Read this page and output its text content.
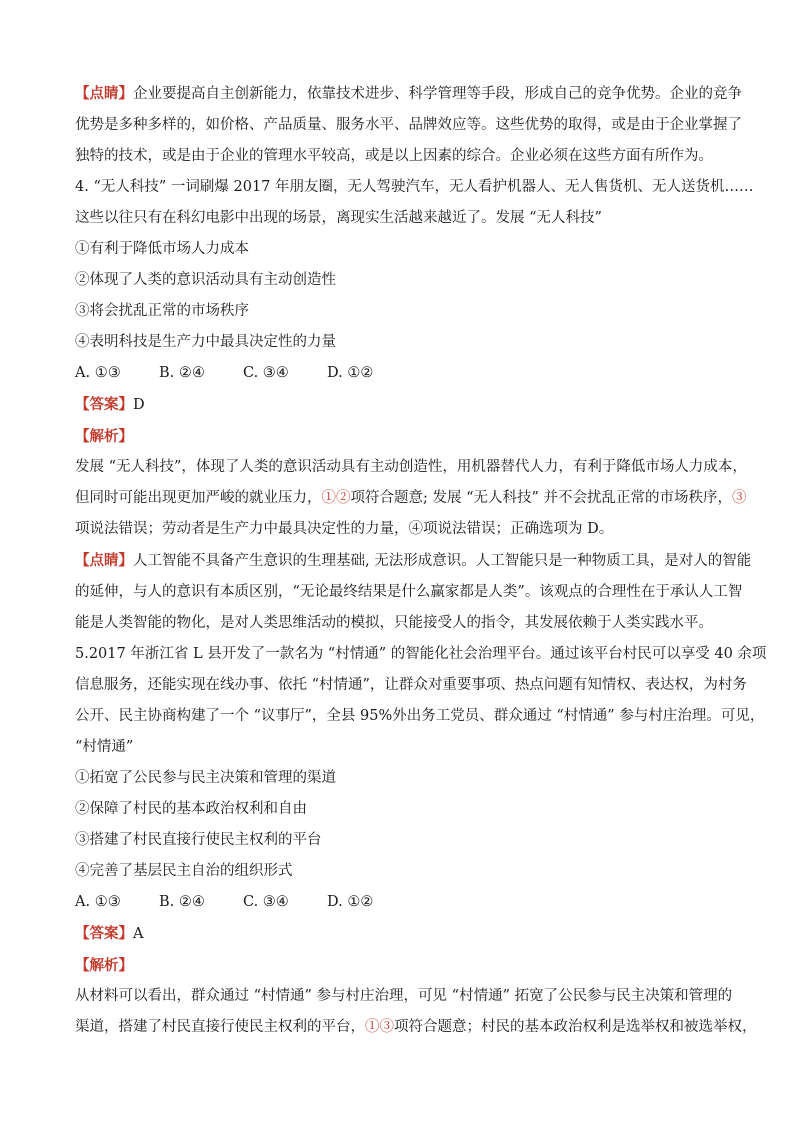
【点睛】企业要提高自主创新能力，依靠技术进步、科学管理等手段，形成自己的竞争优势。企业的竞争

优势是多种多样的，如价格、产品质量、服务水平、品牌效应等。这些优势的取得，或是由于企业掌握了

独特的技术，或是由于企业的管理水平较高，或是以上因素的综合。企业必须在这些方面有所作为。

4. “无人科技” 一词刷爆 2017 年朋友圈，无人驾驶汽车，无人看护机器人、无人售货机、无人送货机……

这些以往只有在科幻电影中出现的场景，离现实生活越来越近了。发展 “无人科技”

①有利于降低市场人力成本

②体现了人类的意识活动具有主动创造性

③将会扰乱正常的市场秩序

④表明科技是生产力中最具决定性的力量

A. ①③	B. ②④	C. ③④	D. ①②

【答案】D

【解析】

发展 “无人科技”，体现了人类的意识活动具有主动创造性，用机器替代人力，有利于降低市场人力成本，

但同时可能出现更加严峻的就业压力，①②项符合题意; 发展 “无人科技” 并不会扰乱正常的市场秩序，③

项说法错误；劳动者是生产力中最具决定性的力量，④项说法错误；正确选项为 D。

【点睛】人工智能不具备产生意识的生理基础, 无法形成意识。人工智能只是一种物质工具，是对人的智能

的延伸，与人的意识有本质区别，“无论最终结果是什么赢家都是人类”。该观点的合理性在于承认人工智

能是人类智能的物化，是对人类思维活动的模拟，只能接受人的指令，其发展依赖于人类实践水平。

5.2017 年浙江省 L 县开发了一款名为 “村情通” 的智能化社会治理平台。通过该平台村民可以享受 40 余项

信息服务，还能实现在线办事、依托 “村情通”，让群众对重要事项、热点问题有知情权、表达权，为村务

公开、民主协商构建了一个 “议事厅”，全县 95%外出务工党员、群众通过 “村情通” 参与村庄治理。可见，

“村情通”

①拓宽了公民参与民主决策和管理的渠道

②保障了村民的基本政治权利和自由

③搭建了村民直接行使民主权利的平台

④完善了基层民主自治的组织形式

A. ①③	B. ②④	C. ③④	D. ①②

【答案】A

【解析】

从材料可以看出，群众通过 “村情通” 参与村庄治理，可见 “村情通” 拓宽了公民参与民主决策和管理的

渠道，搭建了村民直接行使民主权利的平台，①③项符合题意；村民的基本政治权利是选举权和被选举权，
